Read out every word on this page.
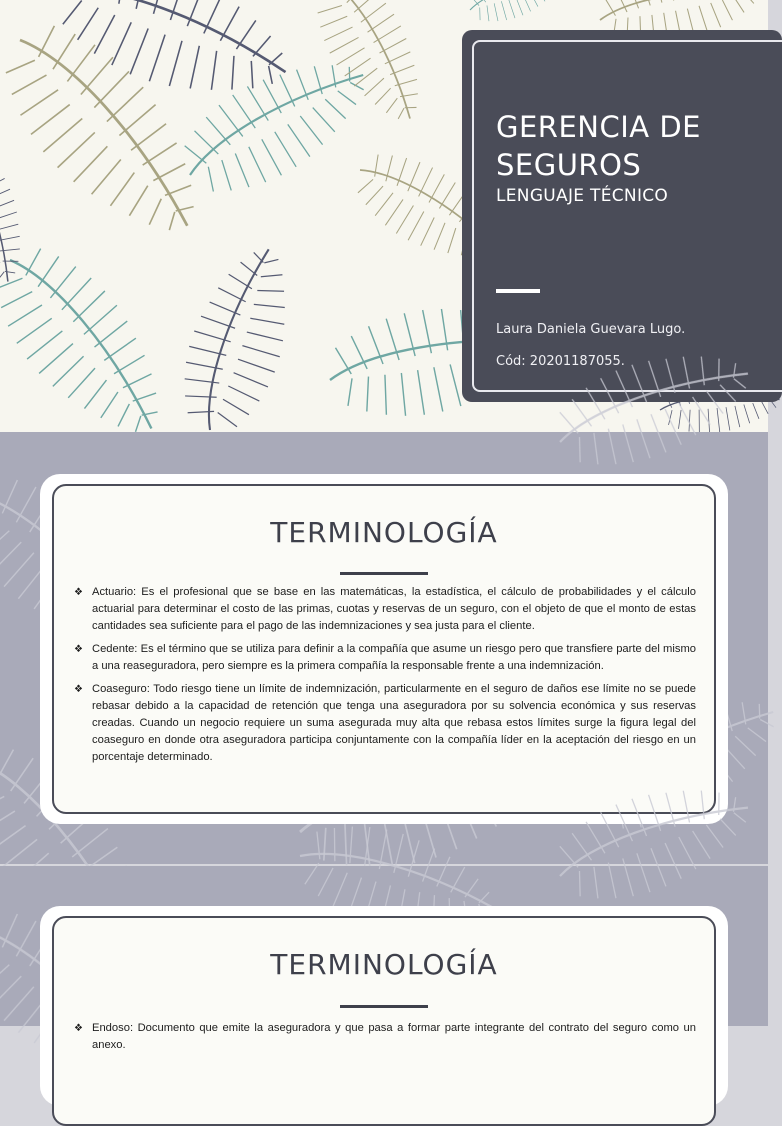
GERENCIA DE SEGUROS
LENGUAJE TÉCNICO
Laura Daniela Guevara Lugo.
Cód: 20201187055.
TERMINOLOGÍA
❖ Actuario: Es el profesional que se base en las matemáticas, la estadística, el cálculo de probabilidades y el cálculo actuarial para determinar el costo de las primas, cuotas y reservas de un seguro, con el objeto de que el monto de estas cantidades sea suficiente para el pago de las indemnizaciones y sea justa para el cliente.
❖ Cedente: Es el término que se utiliza para definir a la compañía que asume un riesgo pero que transfiere parte del mismo a una reaseguradora, pero siempre es la primera compañía la responsable frente a una indemnización.
❖ Coaseguro: Todo riesgo tiene un límite de indemnización, particularmente en el seguro de daños ese límite no se puede rebasar debido a la capacidad de retención que tenga una aseguradora por su solvencia económica y sus reservas creadas. Cuando un negocio requiere un suma asegurada muy alta que rebasa estos límites surge la figura legal del coaseguro en donde otra aseguradora participa conjuntamente con la compañía líder en la aceptación del riesgo en un porcentaje determinado.
TERMINOLOGÍA
❖ Endoso: Documento que emite la aseguradora y que pasa a formar parte integrante del contrato del seguro como un anexo.
